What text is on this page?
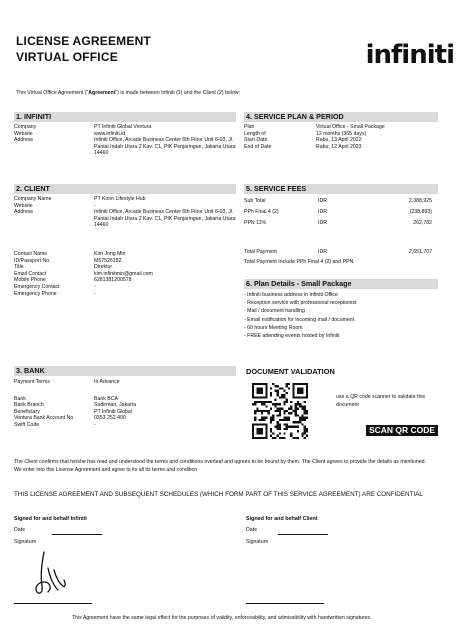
LICENSE AGREEMENT
VIRTUAL OFFICE	infiniti
This Virtual Office Agreement ("Agreement") is made between Infiniti (1) and the Client (2) below:
1. INFINITI
Company	PT Infiniti Global Ventura
Website	www.infiniti.id
Address	Infiniti Office, Arcade Business Center 6th Floor Unit 6-03, Jl. Pantai Indah Utara 2 Kav. C1, PIK Penjaringan, Jakarta Utara 14460
4. SERVICE PLAN & PERIOD
Plan	Virtual Office - Small Package
Length of	12 months (365 days)
Start Date	Rabu, 13 April 2022
End of Date	Rabu, 12 April 2023
2. CLIENT
Company Name	PT Korin Lifestyle Hub
Website	-
Address	Infiniti Office, Arcade Business Center 6th Floor Unit 6-03, Jl. Pantai Indah Utara 2 Kav. C1, PIK Penjaringan, Jakarta Utara 14460
Contact Name	Kim Jong Min
ID/Passport No.	M57526182
Title	Direktur
Email Contact	kim.infinitmin@gmail.com
Mobile Phone	6281381200578
Emergency Contact	-
Emergency Phone	-
5. SERVICE FEES
Sub Total	IDR	2,388,925
PPh Final 4 (2)	IDR	(238,893)
PPN 11%	IDR	262,782
Total Payment	IDR	2,651,707
Total Payment Include PPh Final 4 (2) and PPN
6. Plan Details - Small Package
- Infiniti business address in Infiniti Office
- Reception service with professional receptionist
- Mail / document handling
- Email notification for incoming mail / document
- 60 hours Meeting Room
- FREE attending events hosted by Infiniti
3. BANK
Payment Terms	In Advance
Bank	Bank BCA
Bank Branch	Sudirman, Jakarta
Beneficiary	PT Infiniti Global
Ventura Bank Account No.	0353 252 400
Swift Code	-
DOCUMENT VALIDATION
use a QR code scanner to validate this document
SCAN QR CODE
The Client confirms that he/she has read and understood the terms and conditions overleaf and agrees to be bound by them. The Client agrees to provide the details as mentioned. We enter into this License Agreement and agree to its all its terms and condition
THIS LICENSE AGREEMENT AND SUBSEQUENT SCHEDULES (WHICH FORM PART OF THIS SERVICE AGREEMENT) ARE CONFIDENTIAL
Signed for and behalf Infiniti
Date
Signature
Signed for and behalf Client
Date
Signature
This Agreement have the same legal effect for the purposes of validity, enforceability, and admissibility with handwritten signatures.
